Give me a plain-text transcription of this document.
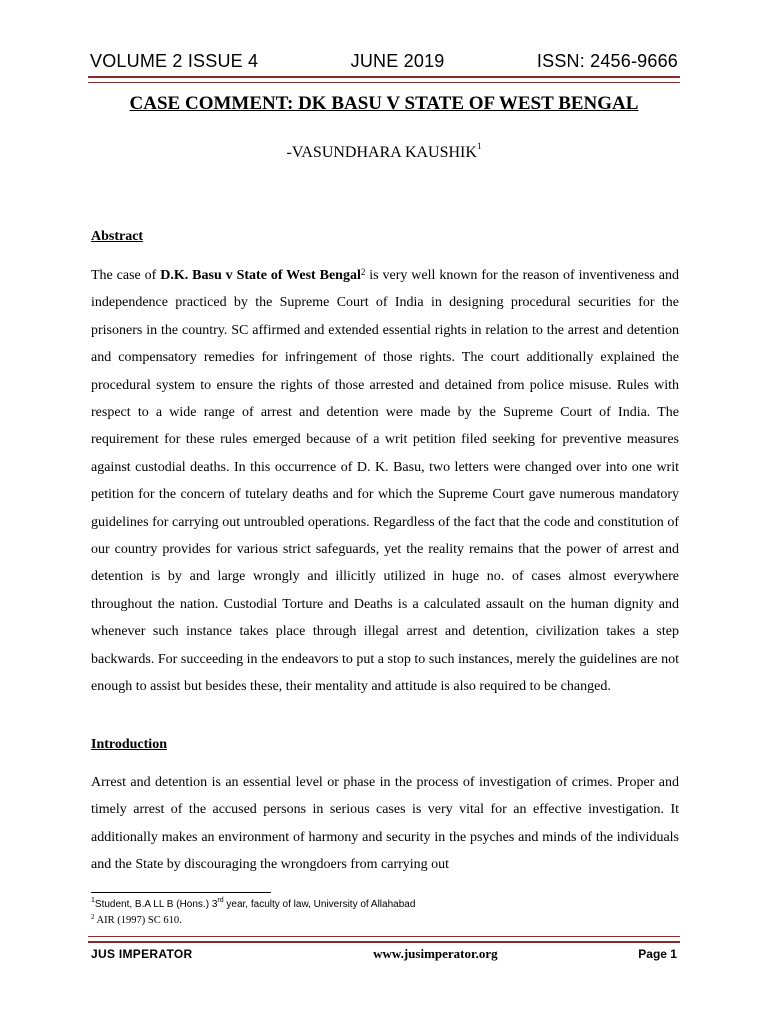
VOLUME 2 ISSUE 4	JUNE 2019	ISSN: 2456-9666
CASE COMMENT: DK BASU V STATE OF WEST BENGAL
-VASUNDHARA KAUSHIK$^1$
Abstract

The case of D.K. Basu v State of West Bengal$^2$ is very well known for the reason of inventiveness and independence practiced by the Supreme Court of India in designing procedural securities for the prisoners in the country. SC affirmed and extended essential rights in relation to the arrest and detention and compensatory remedies for infringement of those rights. The court additionally explained the procedural system to ensure the rights of those arrested and detained from police misuse. Rules with respect to a wide range of arrest and detention were made by the Supreme Court of India. The requirement for these rules emerged because of a writ petition filed seeking for preventive measures against custodial deaths. In this occurrence of D. K. Basu, two letters were changed over into one writ petition for the concern of tutelary deaths and for which the Supreme Court gave numerous mandatory guidelines for carrying out untroubled operations. Regardless of the fact that the code and constitution of our country provides for various strict safeguards, yet the reality remains that the power of arrest and detention is by and large wrongly and illicitly utilized in huge no. of cases almost everywhere throughout the nation. Custodial Torture and Deaths is a calculated assault on the human dignity and whenever such instance takes place through illegal arrest and detention, civilization takes a step backwards. For succeeding in the endeavors to put a stop to such instances, merely the guidelines are not enough to assist but besides these, their mentality and attitude is also required to be changed.

Introduction

Arrest and detention is an essential level or phase in the process of investigation of crimes. Proper and timely arrest of the accused persons in serious cases is very vital for an effective investigation. It additionally makes an environment of harmony and security in the psyches and minds of the individuals and the State by discouraging the wrongdoers from carrying out

$^1$Student, B.A LL B (Hons.) 3rd year, faculty of law, University of Allahabad
$^2$ AIR (1997) SC 610.
JUS IMPERATOR	www.jusimperator.org	Page 1
